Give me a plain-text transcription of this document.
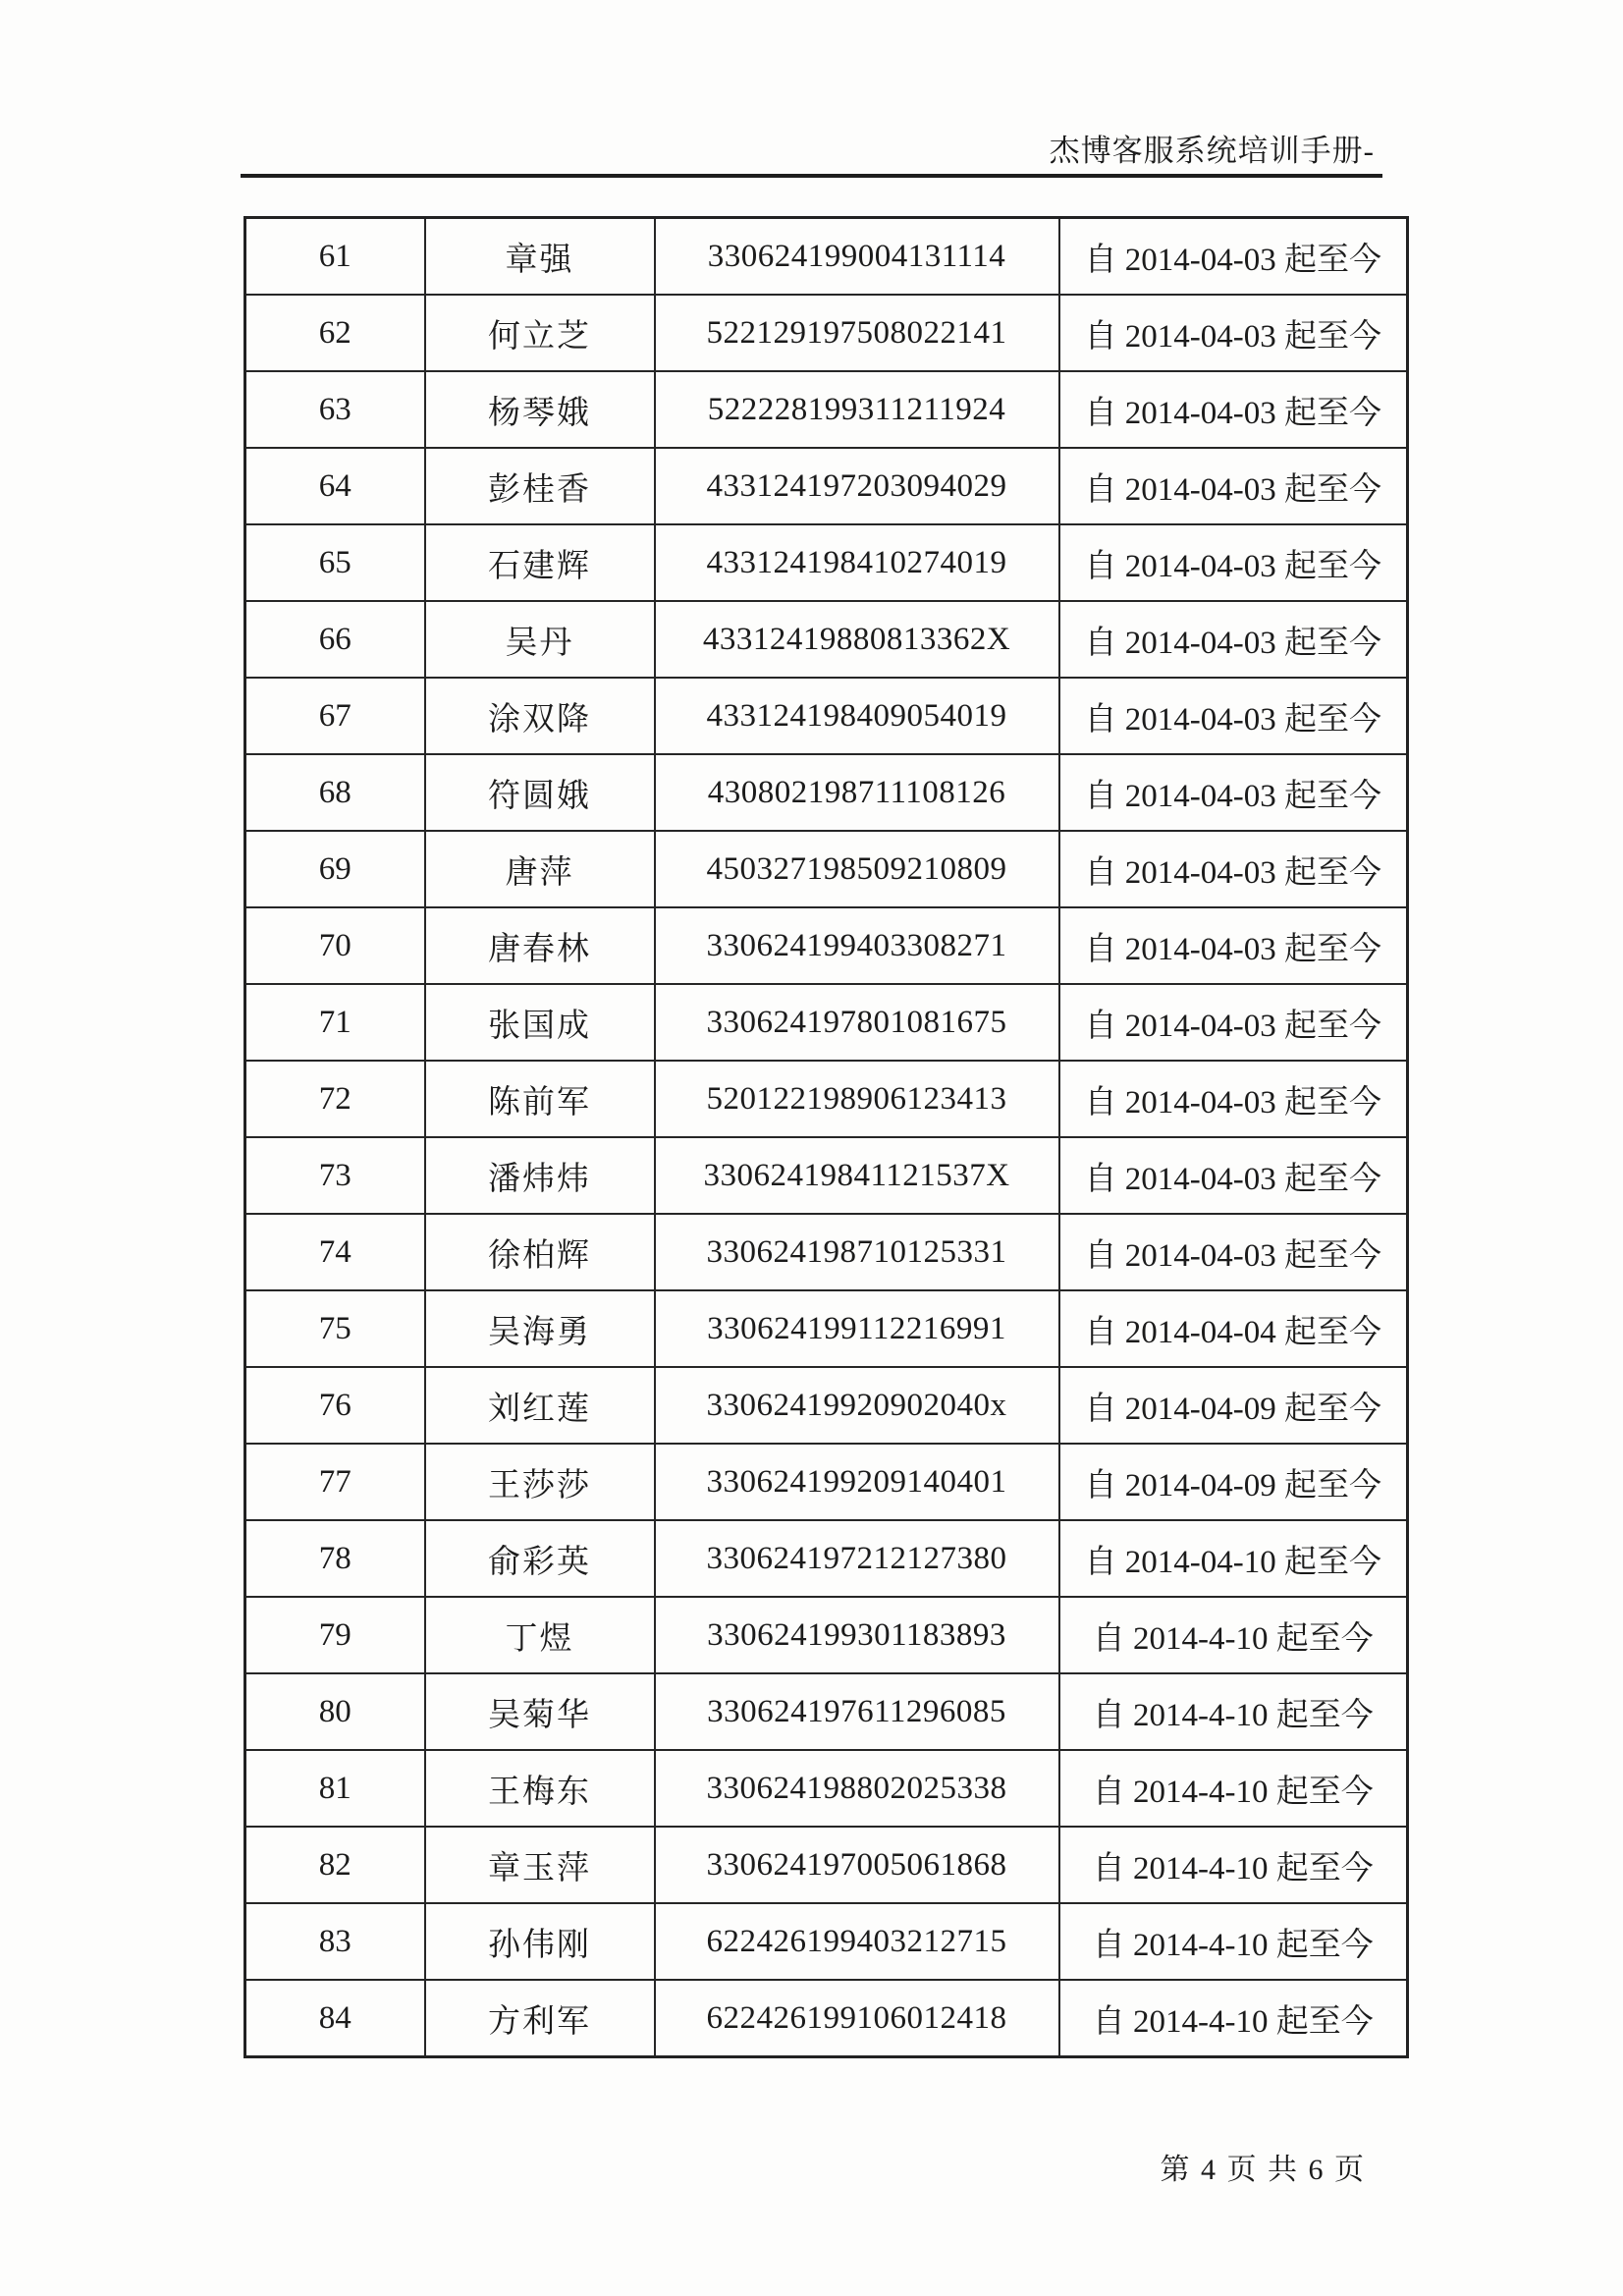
杰博客服系统培训手册-
61	章强	330624199004131114	自 2014-04-03 起至今
62	何立芝	522129197508022141	自 2014-04-03 起至今
63	杨琴娥	522228199311211924	自 2014-04-03 起至今
64	彭桂香	433124197203094029	自 2014-04-03 起至今
65	石建辉	433124198410274019	自 2014-04-03 起至今
66	吴丹	43312419880813362X	自 2014-04-03 起至今
67	涂双降	433124198409054019	自 2014-04-03 起至今
68	符圆娥	430802198711108126	自 2014-04-03 起至今
69	唐萍	450327198509210809	自 2014-04-03 起至今
70	唐春林	330624199403308271	自 2014-04-03 起至今
71	张国成	330624197801081675	自 2014-04-03 起至今
72	陈前军	520122198906123413	自 2014-04-03 起至今
73	潘炜炜	33062419841121537X	自 2014-04-03 起至今
74	徐柏辉	330624198710125331	自 2014-04-03 起至今
75	吴海勇	330624199112216991	自 2014-04-04 起至今
76	刘红莲	33062419920902040x	自 2014-04-09 起至今
77	王莎莎	330624199209140401	自 2014-04-09 起至今
78	俞彩英	330624197212127380	自 2014-04-10 起至今
79	丁煜	330624199301183893	自 2014-4-10 起至今
80	吴菊华	330624197611296085	自 2014-4-10 起至今
81	王梅东	330624198802025338	自 2014-4-10 起至今
82	章玉萍	330624197005061868	自 2014-4-10 起至今
83	孙伟刚	622426199403212715	自 2014-4-10 起至今
84	方利军	622426199106012418	自 2014-4-10 起至今
第 4 页 共 6 页
